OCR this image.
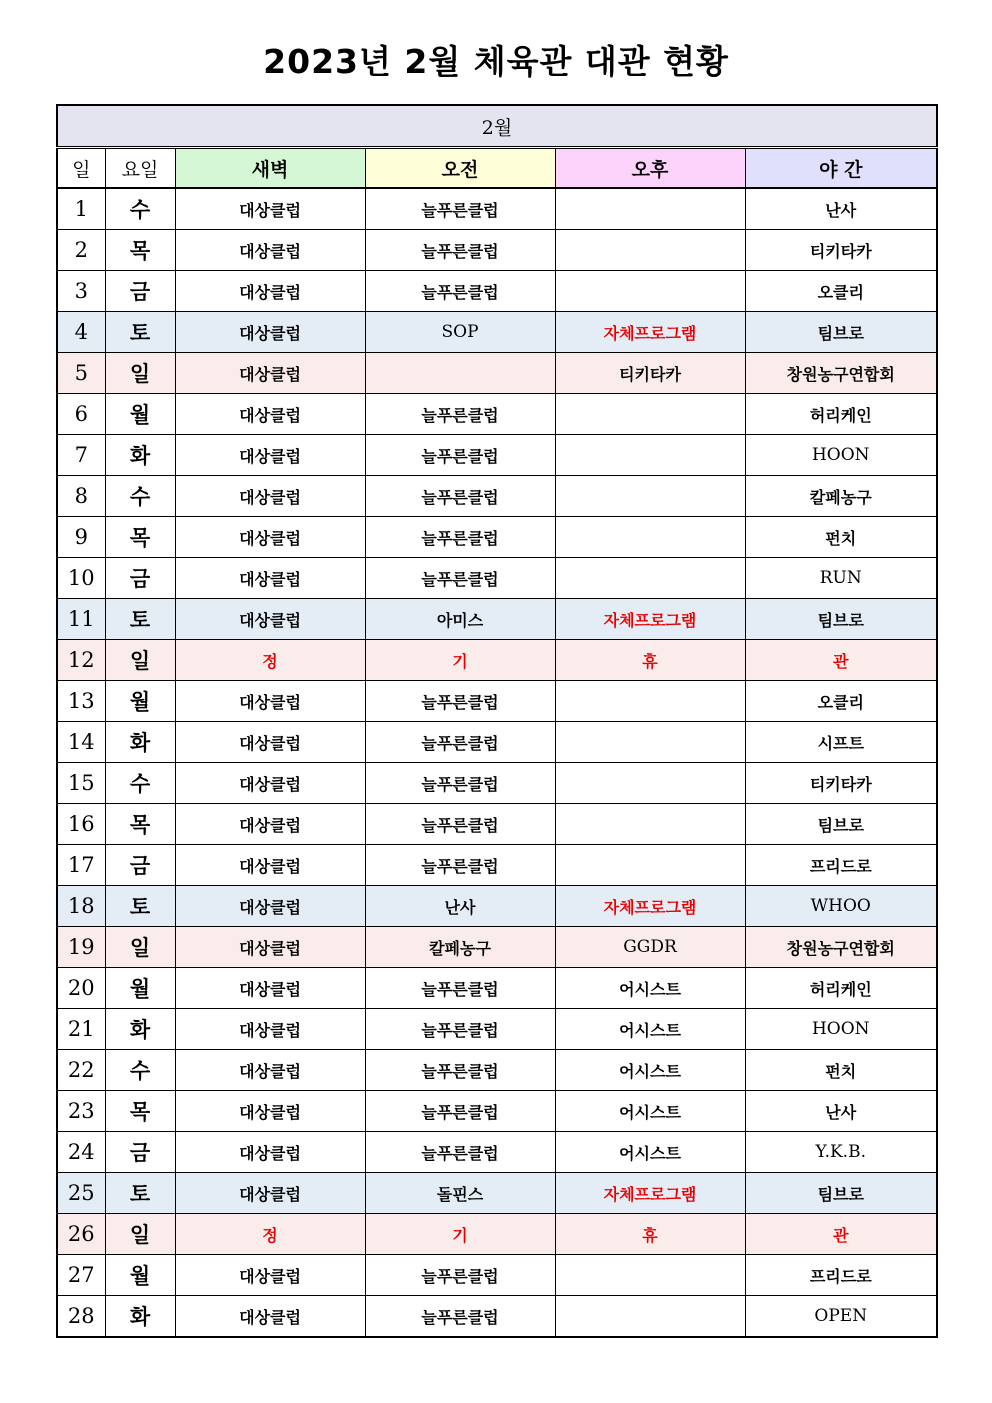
2023년 2월 체육관 대관 현황
2월					
일	요일	새벽	오전	오후	야 간
1	수	대상클럽	늘푸른클럽		난사
2	목	대상클럽	늘푸른클럽		티키타카
3	금	대상클럽	늘푸른클럽		오클리
4	토	대상클럽	SOP	자체프로그램	팀브로
5	일	대상클럽		티키타카	창원농구연합회
6	월	대상클럽	늘푸른클럽		허리케인
7	화	대상클럽	늘푸른클럽		HOON
8	수	대상클럽	늘푸른클럽		칼페농구
9	목	대상클럽	늘푸른클럽		펀치
10	금	대상클럽	늘푸른클럽		RUN
11	토	대상클럽	아미스	자체프로그램	팀브로
12	일	정	기	휴	관
13	월	대상클럽	늘푸른클럽		오클리
14	화	대상클럽	늘푸른클럽		시프트
15	수	대상클럽	늘푸른클럽		티키타카
16	목	대상클럽	늘푸른클럽		팀브로
17	금	대상클럽	늘푸른클럽		프리드로
18	토	대상클럽	난사	자체프로그램	WHOO
19	일	대상클럽	칼페농구	GGDR	창원농구연합회
20	월	대상클럽	늘푸른클럽	어시스트	허리케인
21	화	대상클럽	늘푸른클럽	어시스트	HOON
22	수	대상클럽	늘푸른클럽	어시스트	펀치
23	목	대상클럽	늘푸른클럽	어시스트	난사
24	금	대상클럽	늘푸른클럽	어시스트	Y.K.B.
25	토	대상클럽	돌핀스	자체프로그램	팀브로
26	일	정	기	휴	관
27	월	대상클럽	늘푸른클럽		프리드로
28	화	대상클럽	늘푸른클럽		OPEN
